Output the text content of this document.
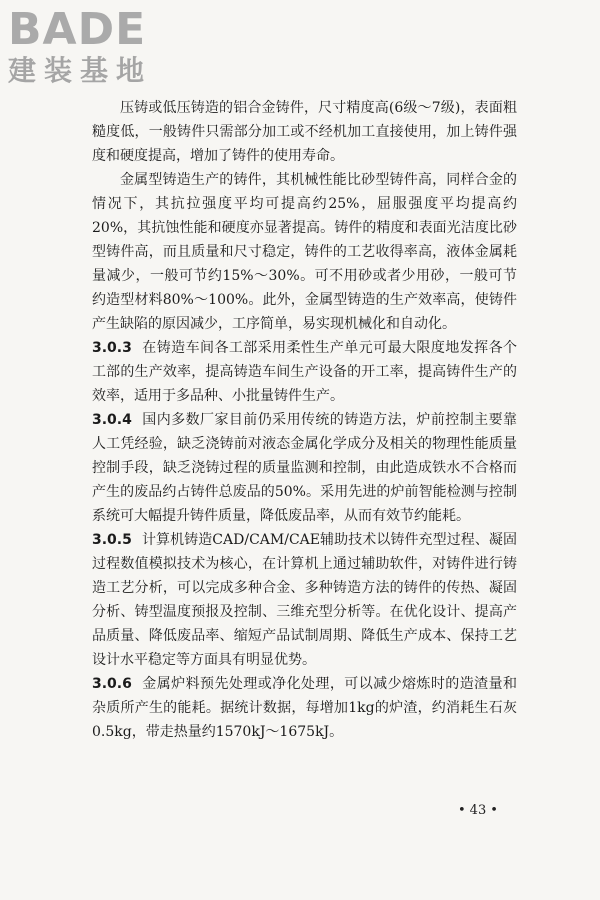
BADE
建装基地

压铸或低压铸造的铝合金铸件，尺寸精度高(6级～7级)，表面粗糙度低，一般铸件只需部分加工或不经机加工直接使用，加上铸件强度和硬度提高，增加了铸件的使用寿命。

金属型铸造生产的铸件，其机械性能比砂型铸件高，同样合金的情况下，其抗拉强度平均可提高约25%，屈服强度平均提高约20%，其抗蚀性能和硬度亦显著提高。铸件的精度和表面光洁度比砂型铸件高，而且质量和尺寸稳定，铸件的工艺收得率高，液体金属耗量减少，一般可节约15%～30%。可不用砂或者少用砂，一般可节约造型材料80%～100%。此外，金属型铸造的生产效率高，使铸件产生缺陷的原因减少，工序简单，易实现机械化和自动化。

3.0.3 在铸造车间各工部采用柔性生产单元可最大限度地发挥各个工部的生产效率，提高铸造车间生产设备的开工率，提高铸件生产的效率，适用于多品种、小批量铸件生产。

3.0.4 国内多数厂家目前仍采用传统的铸造方法，炉前控制主要靠人工凭经验，缺乏浇铸前对液态金属化学成分及相关的物理性能质量控制手段，缺乏浇铸过程的质量监测和控制，由此造成铁水不合格而产生的废品约占铸件总废品的50%。采用先进的炉前智能检测与控制系统可大幅提升铸件质量，降低废品率，从而有效节约能耗。

3.0.5 计算机铸造CAD/CAM/CAE辅助技术以铸件充型过程、凝固过程数值模拟技术为核心，在计算机上通过辅助软件，对铸件进行铸造工艺分析，可以完成多种合金、多种铸造方法的铸件的传热、凝固分析、铸型温度预报及控制、三维充型分析等。在优化设计、提高产品质量、降低废品率、缩短产品试制周期、降低生产成本、保持工艺设计水平稳定等方面具有明显优势。

3.0.6 金属炉料预先处理或净化处理，可以减少熔炼时的造渣量和杂质所产生的能耗。据统计数据，每增加1kg的炉渣，约消耗生石灰0.5kg，带走热量约1570kJ～1675kJ。

• 43 •
